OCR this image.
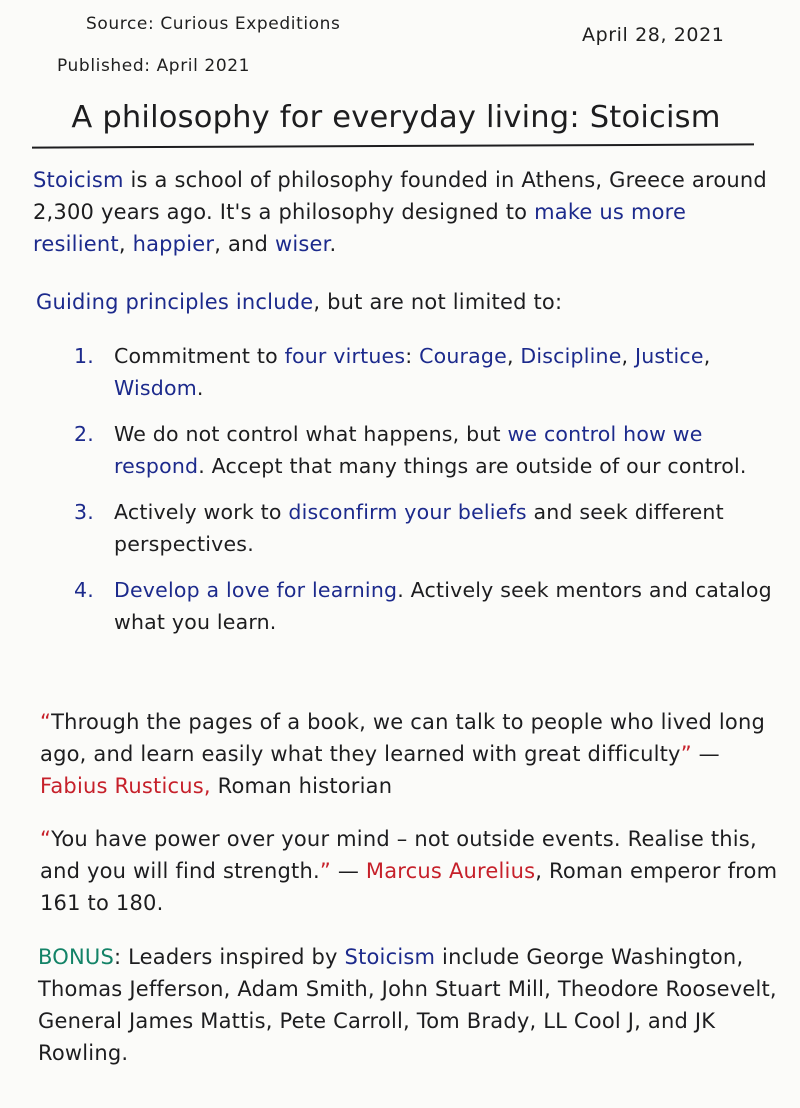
Source: Curious Expeditions
Published: April 2021
April 28, 2021
A philosophy for everyday living: Stoicism

Stoicism is a school of philosophy founded in Athens, Greece around 2,300 years ago. It's a philosophy designed to make us more resilient, happier, and wiser.

Guiding principles include, but are not limited to:

1. Commitment to four virtues: Courage, Discipline, Justice, Wisdom.
2. We do not control what happens, but we control how we respond. Accept that many things are outside of our control.
3. Actively work to disconfirm your beliefs and seek different perspectives.
4. Develop a love for learning. Actively seek mentors and catalog what you learn.

“Through the pages of a book, we can talk to people who lived long ago, and learn easily what they learned with great difficulty” — Fabius Rusticus, Roman historian

“You have power over your mind – not outside events. Realise this, and you will find strength.” — Marcus Aurelius, Roman emperor from 161 to 180.

BONUS: Leaders inspired by Stoicism include George Washington, Thomas Jefferson, Adam Smith, John Stuart Mill, Theodore Roosevelt, General James Mattis, Pete Carroll, Tom Brady, LL Cool J, and JK Rowling.
